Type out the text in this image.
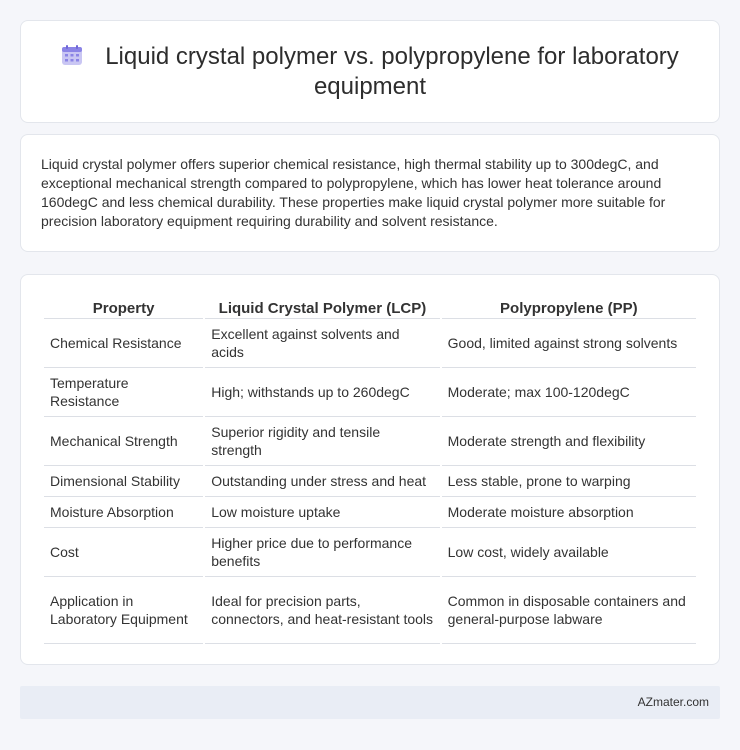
Liquid crystal polymer vs. polypropylene for laboratory equipment

Liquid crystal polymer offers superior chemical resistance, high thermal stability up to 300degC, and exceptional mechanical strength compared to polypropylene, which has lower heat tolerance around 160degC and less chemical durability. These properties make liquid crystal polymer more suitable for precision laboratory equipment requiring durability and solvent resistance.

Property	Liquid Crystal Polymer (LCP)	Polypropylene (PP)
Chemical Resistance	Excellent against solvents and acids	Good, limited against strong solvents
Temperature Resistance	High; withstands up to 260degC	Moderate; max 100-120degC
Mechanical Strength	Superior rigidity and tensile strength	Moderate strength and flexibility
Dimensional Stability	Outstanding under stress and heat	Less stable, prone to warping
Moisture Absorption	Low moisture uptake	Moderate moisture absorption
Cost	Higher price due to performance benefits	Low cost, widely available
Application in Laboratory Equipment	Ideal for precision parts, connectors, and heat-resistant tools	Common in disposable containers and general-purpose labware
AZmater.com
